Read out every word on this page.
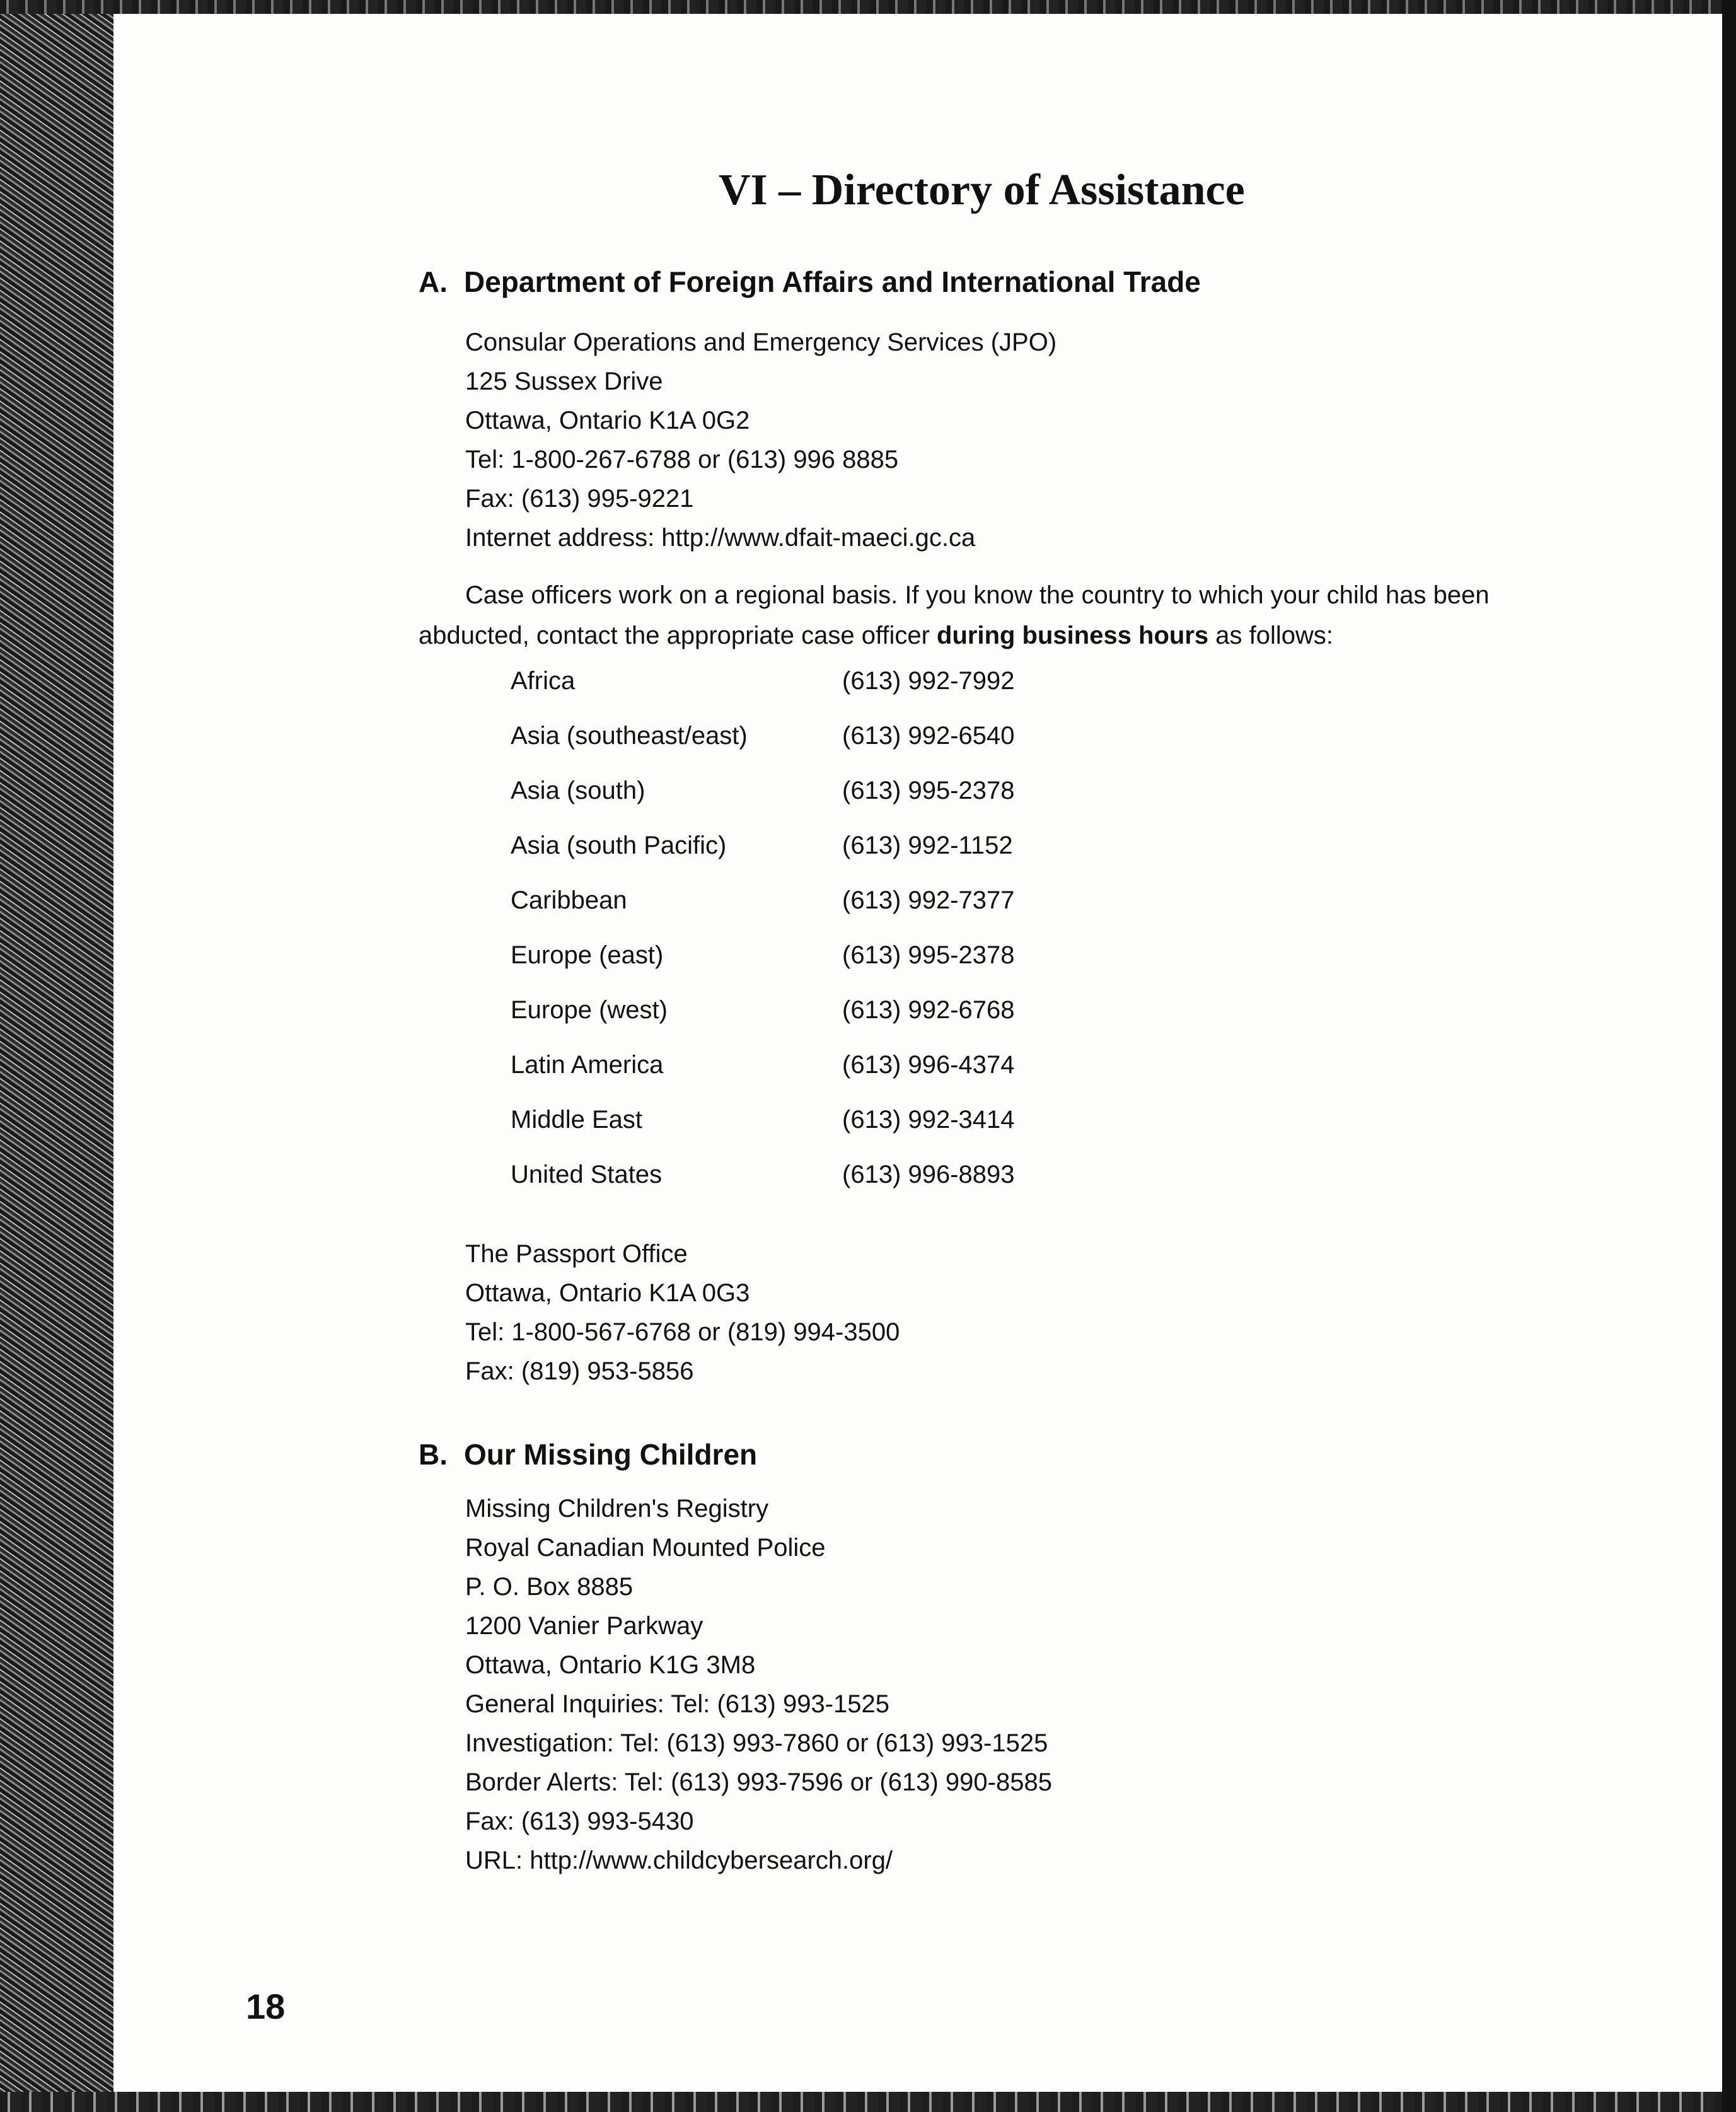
VI – Directory of Assistance
A. Department of Foreign Affairs and International Trade
Consular Operations and Emergency Services (JPO)
125 Sussex Drive
Ottawa, Ontario K1A 0G2
Tel: 1-800-267-6788 or (613) 996 8885
Fax: (613) 995-9221
Internet address: http://www.dfait-maeci.gc.ca
Case officers work on a regional basis. If you know the country to which your child has been abducted, contact the appropriate case officer during business hours as follows:
Africa	(613) 992-7992
Asia (southeast/east)	(613) 992-6540
Asia (south)	(613) 995-2378
Asia (south Pacific)	(613) 992-1152
Caribbean	(613) 992-7377
Europe (east)	(613) 995-2378
Europe (west)	(613) 992-6768
Latin America	(613) 996-4374
Middle East	(613) 992-3414
United States	(613) 996-8893
The Passport Office
Ottawa, Ontario K1A 0G3
Tel: 1-800-567-6768 or (819) 994-3500
Fax: (819) 953-5856
B. Our Missing Children
Missing Children's Registry
Royal Canadian Mounted Police
P. O. Box 8885
1200 Vanier Parkway
Ottawa, Ontario K1G 3M8
General Inquiries: Tel: (613) 993-1525
Investigation: Tel: (613) 993-7860 or (613) 993-1525
Border Alerts: Tel: (613) 993-7596 or (613) 990-8585
Fax: (613) 993-5430
URL: http://www.childcybersearch.org/
18
